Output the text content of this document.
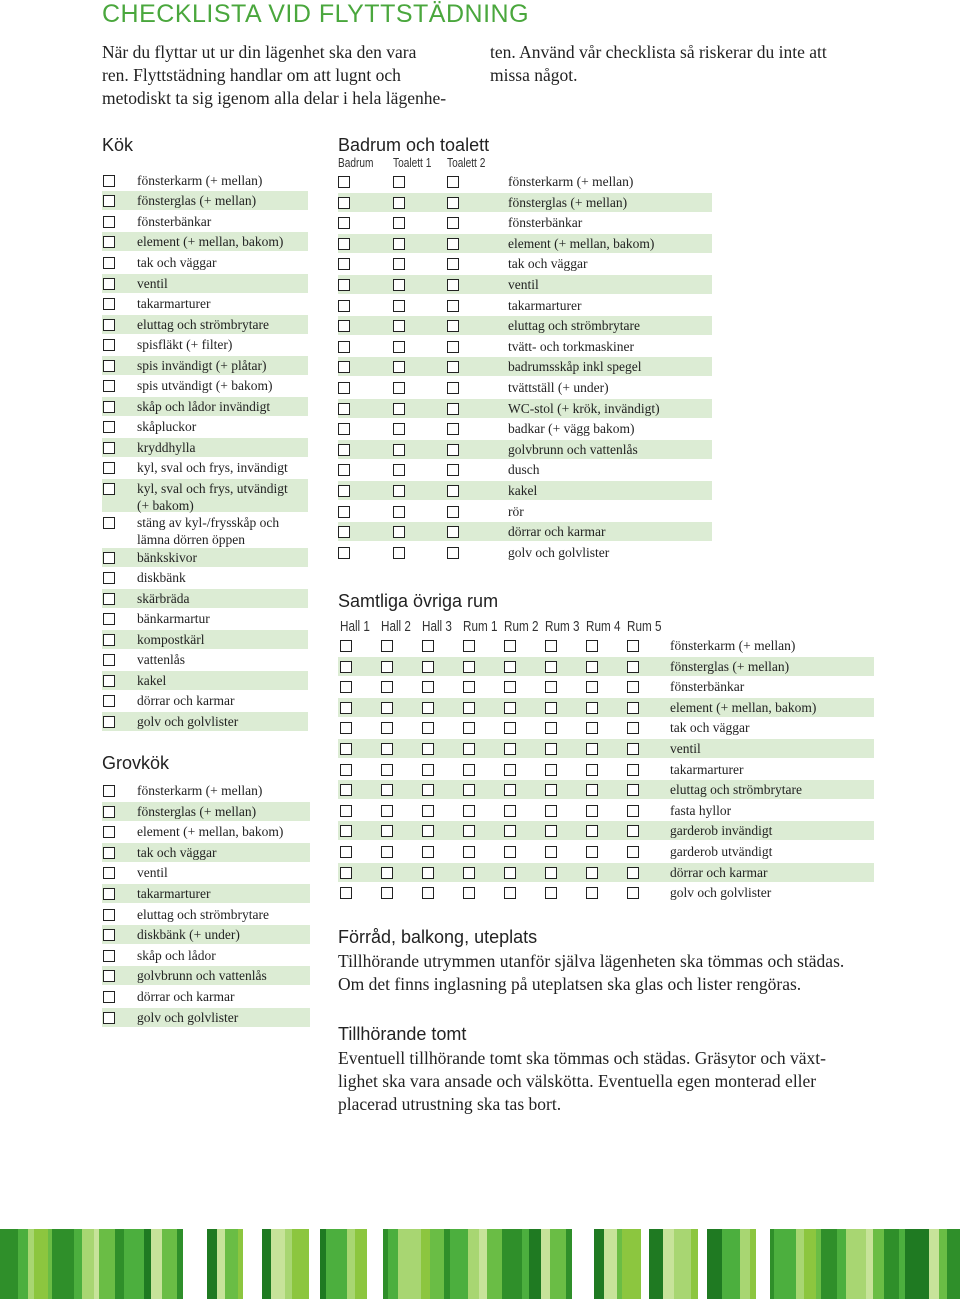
CHECKLISTA VID FLYTTSTÄDNING
När du flyttar ut ur din lägenhet ska den vara
ren. Flyttstädning handlar om att lugnt och
metodiskt ta sig igenom alla delar i hela lägenhe-
ten. Använd vår checklista så riskerar du inte att
missa något.
Kök
Grovkök
Badrum och toalett
Samtliga övriga rum
Förråd, balkong, uteplats
Tillhörande tomt
fönsterkarm (+ mellan)
fönsterglas (+ mellan)
fönsterbänkar
element (+ mellan, bakom)
tak och väggar
ventil
takarmarturer
eluttag och strömbrytare
spisfläkt (+ filter)
spis invändigt (+ plåtar)
spis utvändigt (+ bakom)
skåp och lådor invändigt
skåpluckor
kryddhylla
kyl, sval och frys, invändigt
kyl, sval och frys, utvändigt
(+ bakom)
stäng av kyl-/frysskåp och
lämna dörren öppen
bänkskivor
diskbänk
skärbräda
bänkarmartur
kompostkärl
vattenlås
kakel
dörrar och karmar
golv och golvlister
fönsterkarm (+ mellan)
fönsterglas (+ mellan)
element (+ mellan, bakom)
tak och väggar
ventil
takarmarturer
eluttag och strömbrytare
diskbänk (+ under)
skåp och lådor
golvbrunn och vattenlås
dörrar och karmar
golv och golvlister
Badrum Toalett 1 Toalett 2
fönsterkarm (+ mellan)
fönsterglas (+ mellan)
fönsterbänkar
element (+ mellan, bakom)
tak och väggar
ventil
takarmarturer
eluttag och strömbrytare
tvätt- och torkmaskiner
badrumsskåp inkl spegel
tvättställ (+ under)
WC-stol (+ krök, invändigt)
badkar (+ vägg bakom)
golvbrunn och vattenlås
dusch
kakel
rör
dörrar och karmar
golv och golvlister
Hall 1 Hall 2 Hall 3 Rum 1 Rum 2 Rum 3 Rum 4 Rum 5
fönsterkarm (+ mellan)
fönsterglas (+ mellan)
fönsterbänkar
element (+ mellan, bakom)
tak och väggar
ventil
takarmarturer
eluttag och strömbrytare
fasta hyllor
garderob invändigt
garderob utvändigt
dörrar och karmar
golv och golvlister
Tillhörande utrymmen utanför själva lägenheten ska tömmas och städas.
Om det finns inglasning på uteplatsen ska glas och lister rengöras.
Eventuell tillhörande tomt ska tömmas och städas. Gräsytor och växt-
lighet ska vara ansade och välskötta. Eventuella egen monterad eller
placerad utrustning ska tas bort.
